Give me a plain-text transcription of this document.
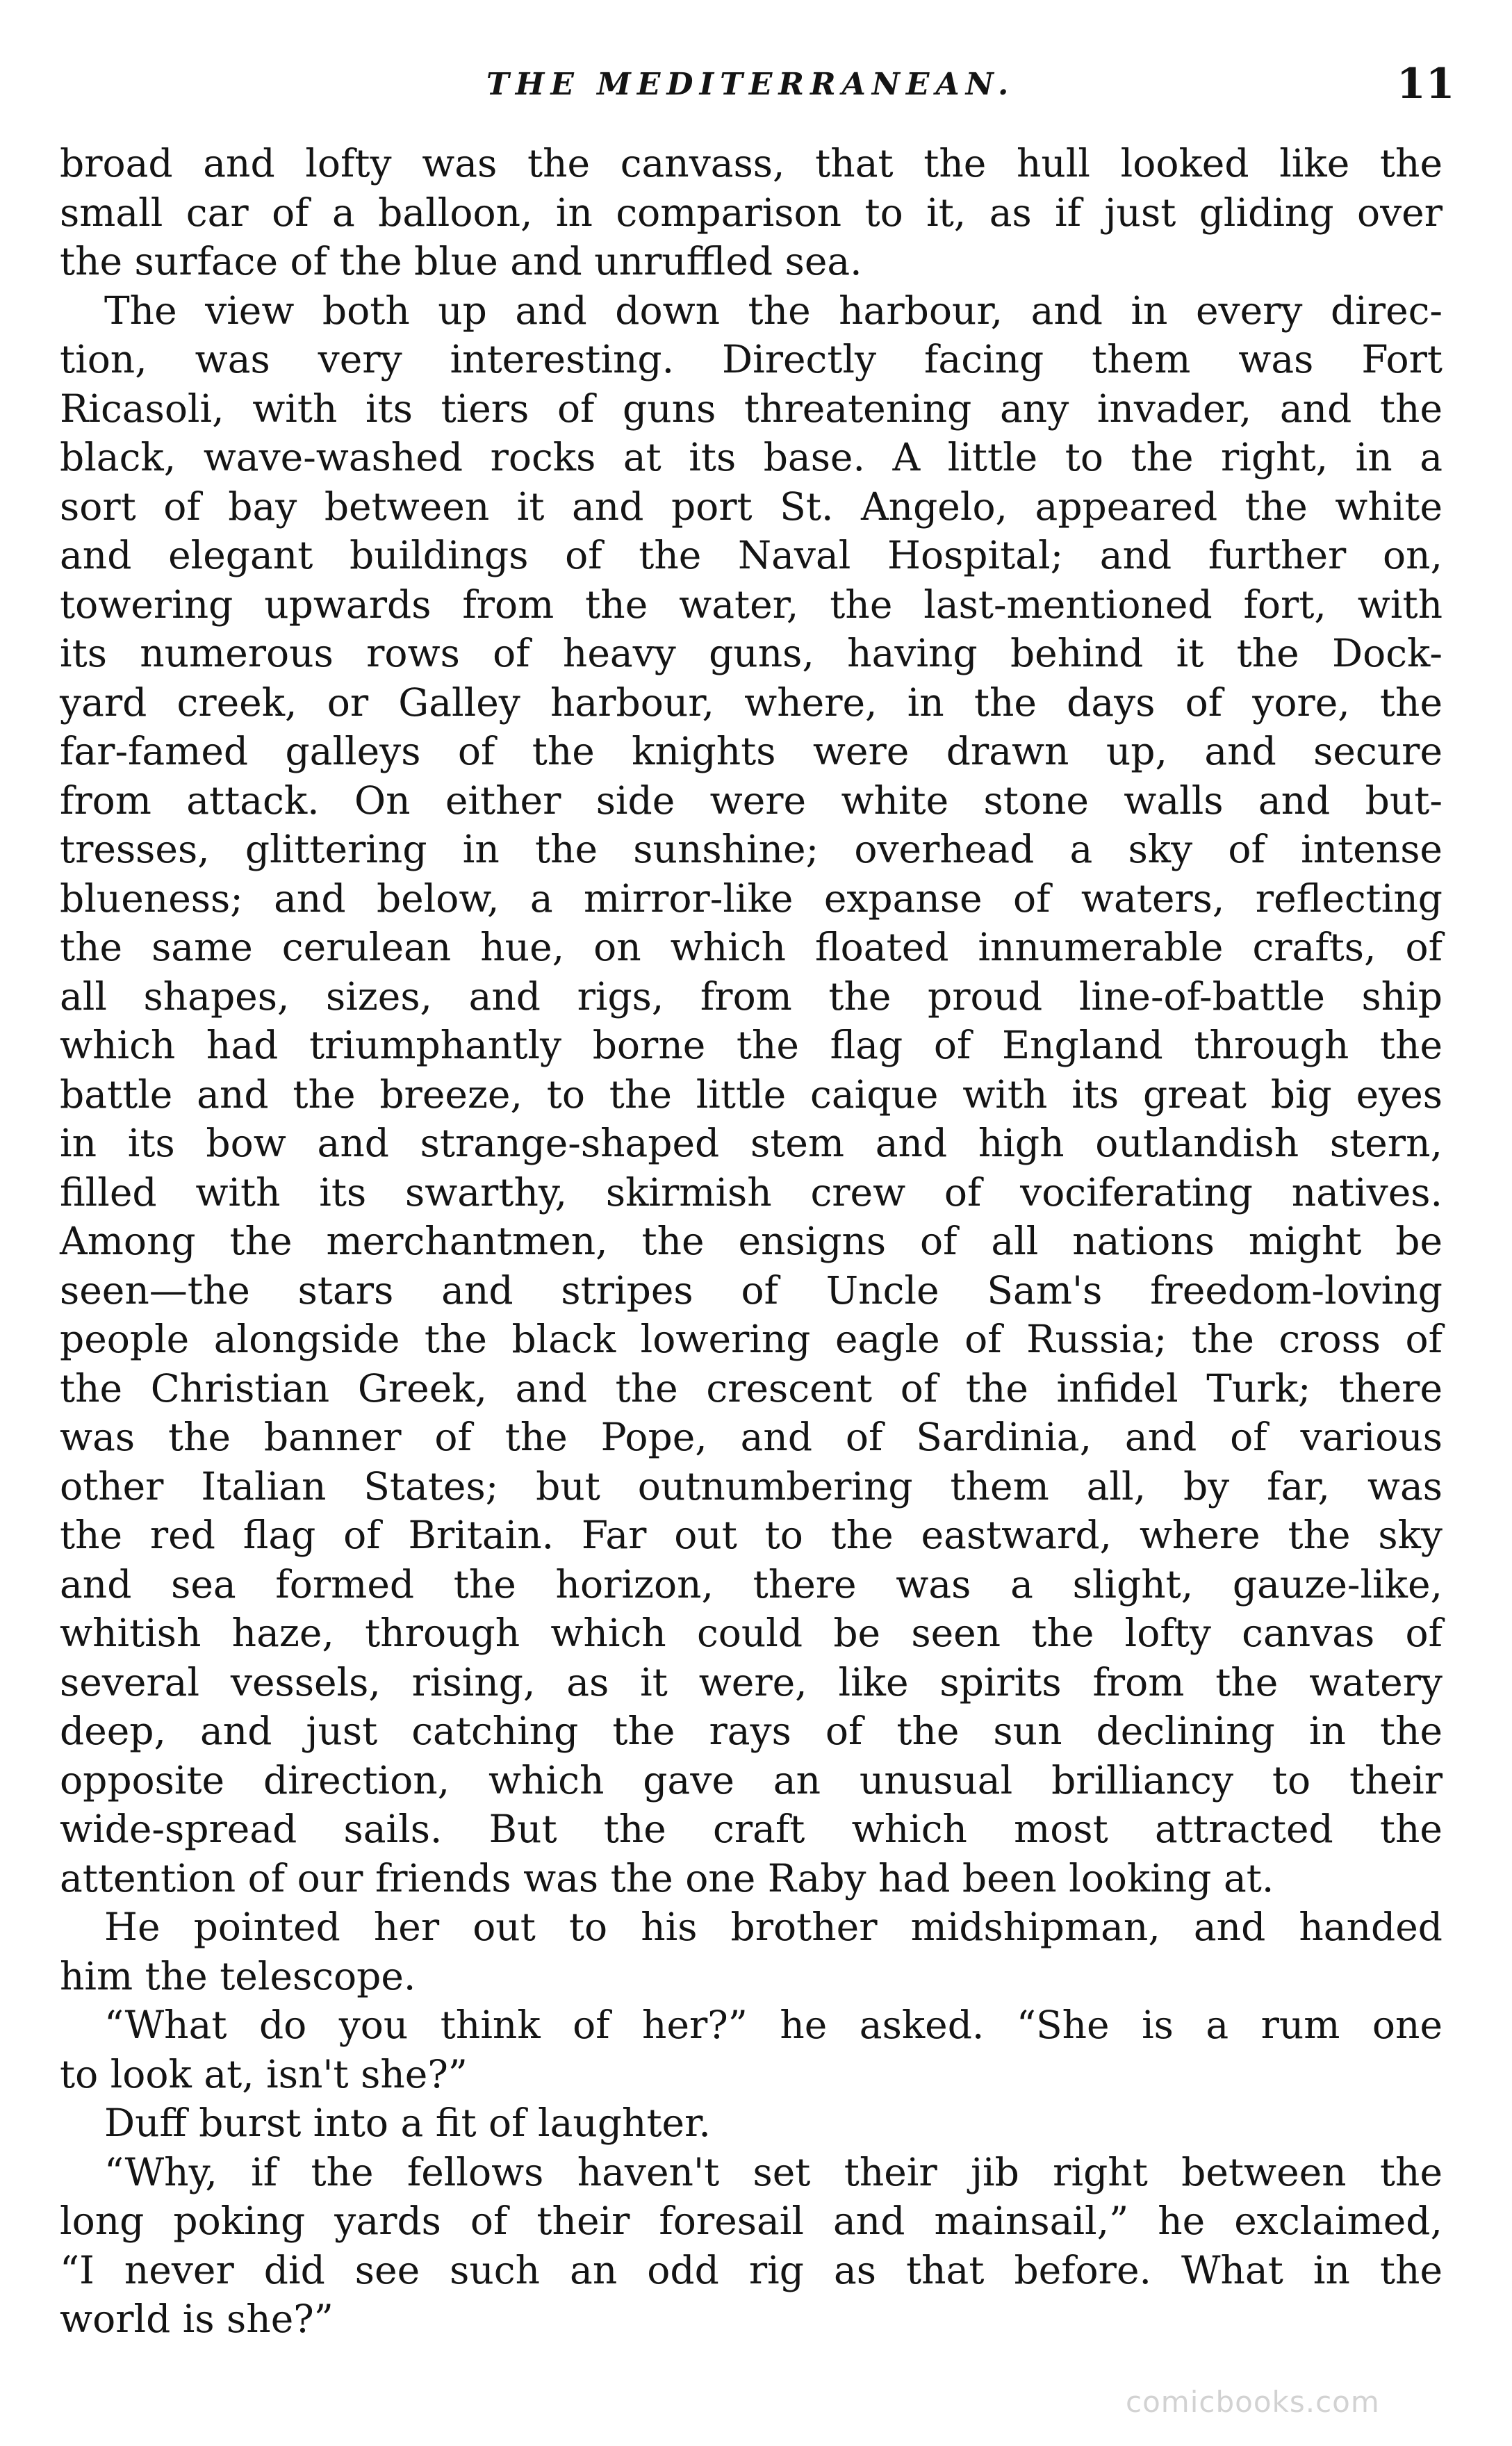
THE MEDITERRANEAN.	11

broad and lofty was the canvass, that the hull looked like the
small car of a balloon, in comparison to it, as if just gliding over
the surface of the blue and unruffled sea.

The view both up and down the harbour, and in every direc-
tion, was very interesting. Directly facing them was Fort
Ricasoli, with its tiers of guns threatening any invader, and the
black, wave-washed rocks at its base. A little to the right, in a
sort of bay between it and port St. Angelo, appeared the white
and elegant buildings of the Naval Hospital; and further on,
towering upwards from the water, the last-mentioned fort, with
its numerous rows of heavy guns, having behind it the Dock-
yard creek, or Galley harbour, where, in the days of yore, the
far-famed galleys of the knights were drawn up, and secure
from attack. On either side were white stone walls and but-
tresses, glittering in the sunshine; overhead a sky of intense
blueness; and below, a mirror-like expanse of waters, reflecting
the same cerulean hue, on which floated innumerable crafts, of
all shapes, sizes, and rigs, from the proud line-of-battle ship
which had triumphantly borne the flag of England through the
battle and the breeze, to the little caique with its great big eyes
in its bow and strange-shaped stem and high outlandish stern,
filled with its swarthy, skirmish crew of vociferating natives.
Among the merchantmen, the ensigns of all nations might be
seen—the stars and stripes of Uncle Sam's freedom-loving
people alongside the black lowering eagle of Russia; the cross of
the Christian Greek, and the crescent of the infidel Turk; there
was the banner of the Pope, and of Sardinia, and of various
other Italian States; but outnumbering them all, by far, was
the red flag of Britain. Far out to the eastward, where the sky
and sea formed the horizon, there was a slight, gauze-like,
whitish haze, through which could be seen the lofty canvas of
several vessels, rising, as it were, like spirits from the watery
deep, and just catching the rays of the sun declining in the
opposite direction, which gave an unusual brilliancy to their
wide-spread sails. But the craft which most attracted the
attention of our friends was the one Raby had been looking at.

He pointed her out to his brother midshipman, and handed
him the telescope.

“What do you think of her?” he asked. “She is a rum one
to look at, isn't she?”

Duff burst into a fit of laughter.

“Why, if the fellows haven't set their jib right between the
long poking yards of their foresail and mainsail,” he exclaimed,
“I never did see such an odd rig as that before. What in the
world is she?”

comicbooks.com
